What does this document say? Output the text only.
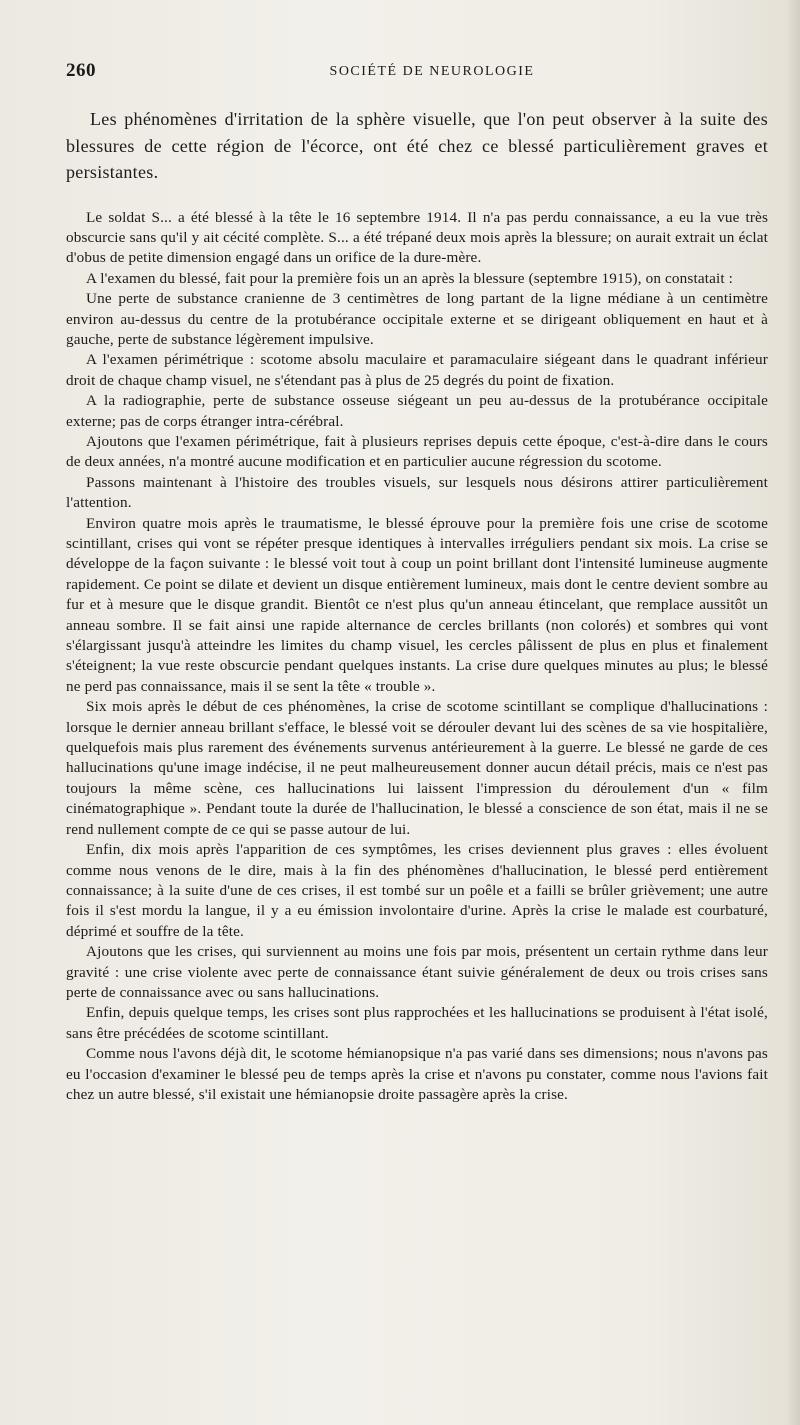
260	SOCIÉTÉ DE NEUROLOGIE

Les phénomènes d'irritation de la sphère visuelle, que l'on peut observer à la suite des blessures de cette région de l'écorce, ont été chez ce blessé particulièrement graves et persistantes.

Le soldat S... a été blessé à la tête le 16 septembre 1914. Il n'a pas perdu connaissance, a eu la vue très obscurcie sans qu'il y ait cécité complète. S... a été trépané deux mois après la blessure; on aurait extrait un éclat d'obus de petite dimension engagé dans un orifice de la dure-mère.

A l'examen du blessé, fait pour la première fois un an après la blessure (septembre 1915), on constatait :

Une perte de substance cranienne de 3 centimètres de long partant de la ligne médiane à un centimètre environ au-dessus du centre de la protubérance occipitale externe et se dirigeant obliquement en haut et à gauche, perte de substance légèrement impulsive.

A l'examen périmétrique : scotome absolu maculaire et paramaculaire siégeant dans le quadrant inférieur droit de chaque champ visuel, ne s'étendant pas à plus de 25 degrés du point de fixation.

A la radiographie, perte de substance osseuse siégeant un peu au-dessus de la protubérance occipitale externe; pas de corps étranger intra-cérébral.

Ajoutons que l'examen périmétrique, fait à plusieurs reprises depuis cette époque, c'est-à-dire dans le cours de deux années, n'a montré aucune modification et en particulier aucune régression du scotome.

Passons maintenant à l'histoire des troubles visuels, sur lesquels nous désirons attirer particulièrement l'attention.

Environ quatre mois après le traumatisme, le blessé éprouve pour la première fois une crise de scotome scintillant, crises qui vont se répéter presque identiques à intervalles irréguliers pendant six mois. La crise se développe de la façon suivante : le blessé voit tout à coup un point brillant dont l'intensité lumineuse augmente rapidement. Ce point se dilate et devient un disque entièrement lumineux, mais dont le centre devient sombre au fur et à mesure que le disque grandit. Bientôt ce n'est plus qu'un anneau étincelant, que remplace aussitôt un anneau sombre. Il se fait ainsi une rapide alternance de cercles brillants (non colorés) et sombres qui vont s'élargissant jusqu'à atteindre les limites du champ visuel, les cercles pâlissent de plus en plus et finalement s'éteignent; la vue reste obscurcie pendant quelques instants. La crise dure quelques minutes au plus; le blessé ne perd pas connaissance, mais il se sent la tête « trouble ».

Six mois après le début de ces phénomènes, la crise de scotome scintillant se complique d'hallucinations : lorsque le dernier anneau brillant s'efface, le blessé voit se dérouler devant lui des scènes de sa vie hospitalière, quelquefois mais plus rarement des événements survenus antérieurement à la guerre. Le blessé ne garde de ces hallucinations qu'une image indécise, il ne peut malheureusement donner aucun détail précis, mais ce n'est pas toujours la même scène, ces hallucinations lui laissent l'impression du déroulement d'un « film cinématographique ». Pendant toute la durée de l'hallucination, le blessé a conscience de son état, mais il ne se rend nullement compte de ce qui se passe autour de lui.

Enfin, dix mois après l'apparition de ces symptômes, les crises deviennent plus graves : elles évoluent comme nous venons de le dire, mais à la fin des phénomènes d'hallucination, le blessé perd entièrement connaissance; à la suite d'une de ces crises, il est tombé sur un poêle et a failli se brûler grièvement; une autre fois il s'est mordu la langue, il y a eu émission involontaire d'urine. Après la crise le malade est courbaturé, déprimé et souffre de la tête.

Ajoutons que les crises, qui surviennent au moins une fois par mois, présentent un certain rythme dans leur gravité : une crise violente avec perte de connaissance étant suivie généralement de deux ou trois crises sans perte de connaissance avec ou sans hallucinations.

Enfin, depuis quelque temps, les crises sont plus rapprochées et les hallucinations se produisent à l'état isolé, sans être précédées de scotome scintillant.

Comme nous l'avons déjà dit, le scotome hémianopsique n'a pas varié dans ses dimensions; nous n'avons pas eu l'occasion d'examiner le blessé peu de temps après la crise et n'avons pu constater, comme nous l'avions fait chez un autre blessé, s'il existait une hémianopsie droite passagère après la crise.
